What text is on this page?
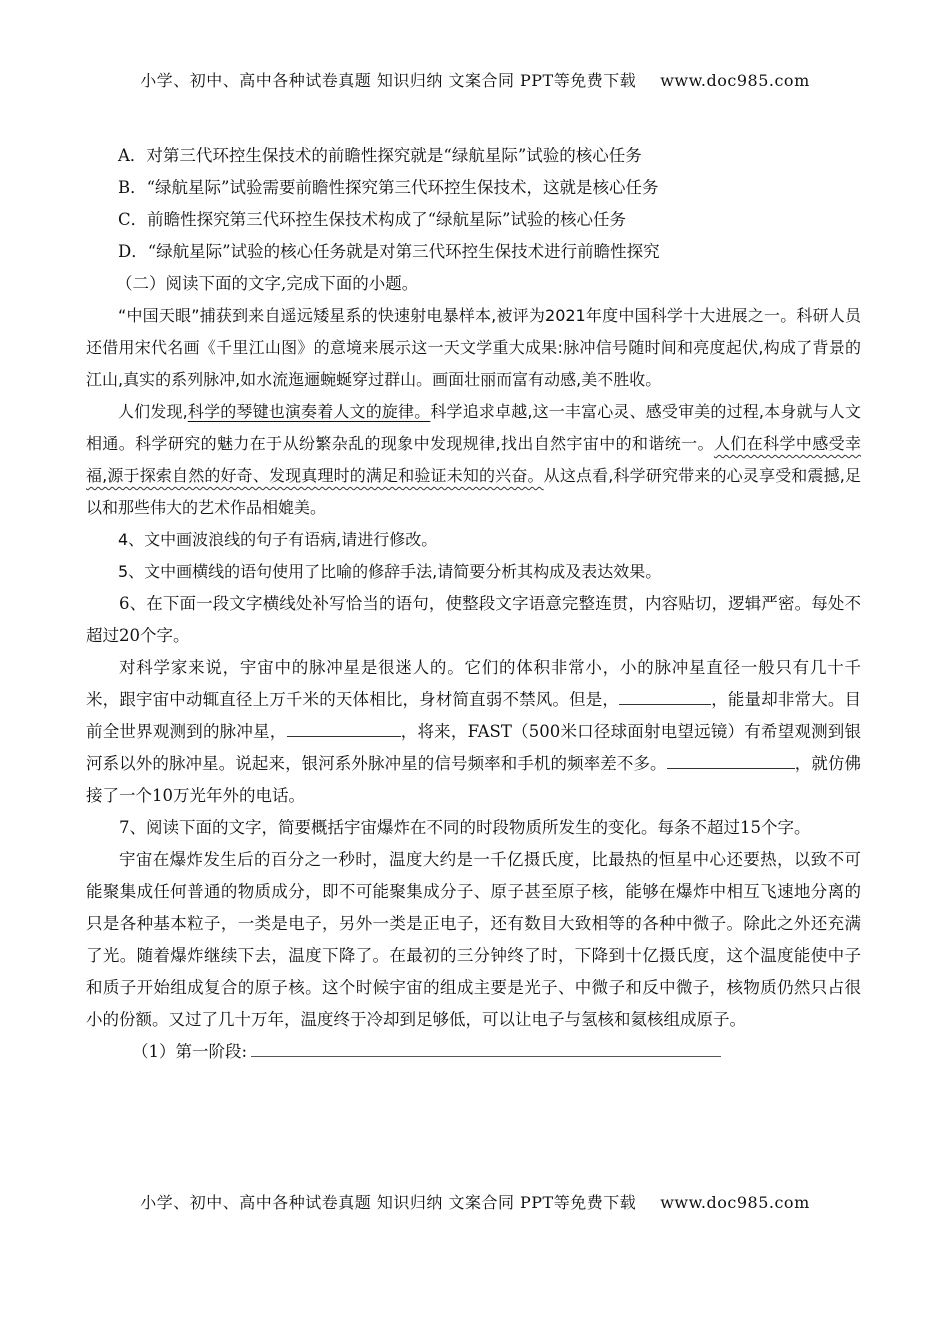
小学、初中、高中各种试卷真题 知识归纳 文案合同 PPT等免费下载 www.doc985.com

A．对第三代环控生保技术的前瞻性探究就是“绿航星际”试验的核心任务

B．“绿航星际”试验需要前瞻性探究第三代环控生保技术，这就是核心任务

C．前瞻性探究第三代环控生保技术构成了“绿航星际”试验的核心任务

D．“绿航星际”试验的核心任务就是对第三代环控生保技术进行前瞻性探究

（二）阅读下面的文字,完成下面的小题。

“中国天眼”捕获到来自遥远矮星系的快速射电暴样本,被评为2021年度中国科学十大进展之一。科研人员还借用宋代名画《千里江山图》的意境来展示这一天文学重大成果:脉冲信号随时间和亮度起伏,构成了背景的江山,真实的系列脉冲,如水流迤逦蜿蜒穿过群山。画面壮丽而富有动感,美不胜收。

人们发现,科学的琴键也演奏着人文的旋律。科学追求卓越,这一丰富心灵、感受审美的过程,本身就与人文相通。科学研究的魅力在于从纷繁杂乱的现象中发现规律,找出自然宇宙中的和谐统一。人们在科学中感受幸福,源于探索自然的好奇、发现真理时的满足和验证未知的兴奋。从这点看,科学研究带来的心灵享受和震撼,足以和那些伟大的艺术作品相媲美。

4、文中画波浪线的句子有语病,请进行修改。

5、文中画横线的语句使用了比喻的修辞手法,请简要分析其构成及表达效果。

6、在下面一段文字横线处补写恰当的语句，使整段文字语意完整连贯，内容贴切，逻辑严密。每处不超过20个字。

对科学家来说，宇宙中的脉冲星是很迷人的。它们的体积非常小，小的脉冲星直径一般只有几十千米，跟宇宙中动辄直径上万千米的天体相比，身材简直弱不禁风。但是，	，能量却非常大。目前全世界观测到的脉冲星，	，将来，FAST（500米口径球面射电望远镜）有希望观测到银河系以外的脉冲星。说起来，银河系外脉冲星的信号频率和手机的频率差不多。	，就仿佛接了一个10万光年外的电话。

7、阅读下面的文字，简要概括宇宙爆炸在不同的时段物质所发生的变化。每条不超过15个字。

宇宙在爆炸发生后的百分之一秒时，温度大约是一千亿摄氏度，比最热的恒星中心还要热，以致不可能聚集成任何普通的物质成分，即不可能聚集成分子、原子甚至原子核，能够在爆炸中相互飞速地分离的只是各种基本粒子，一类是电子，另外一类是正电子，还有数目大致相等的各种中微子。除此之外还充满了光。随着爆炸继续下去，温度下降了。在最初的三分钟终了时，下降到十亿摄氏度，这个温度能使中子和质子开始组成复合的原子核。这个时候宇宙的组成主要是光子、中微子和反中微子，核物质仍然只占很小的份额。又过了几十万年，温度终于冷却到足够低，可以让电子与氢核和氦核组成原子。

（1）第一阶段:

小学、初中、高中各种试卷真题 知识归纳 文案合同 PPT等免费下载 www.doc985.com
